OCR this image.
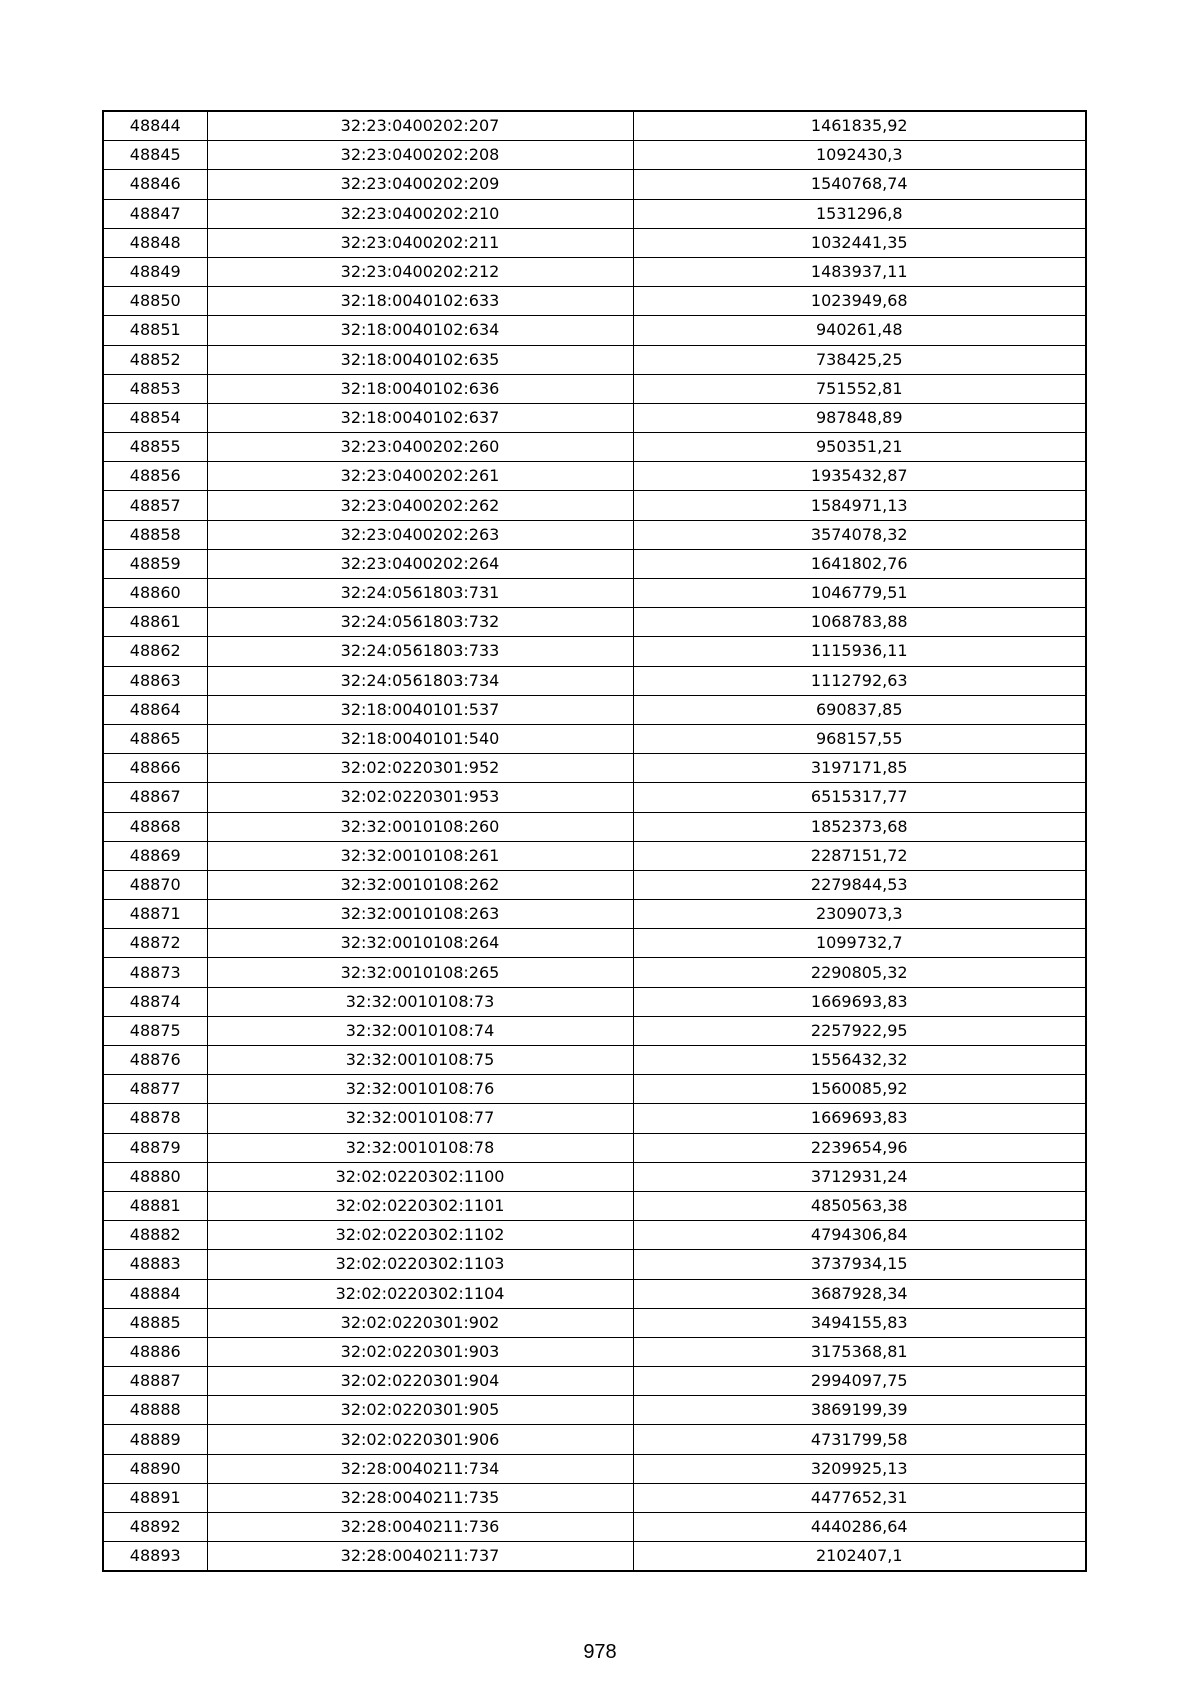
48844	32:23:0400202:207	1461835,92
48845	32:23:0400202:208	1092430,3
48846	32:23:0400202:209	1540768,74
48847	32:23:0400202:210	1531296,8
48848	32:23:0400202:211	1032441,35
48849	32:23:0400202:212	1483937,11
48850	32:18:0040102:633	1023949,68
48851	32:18:0040102:634	940261,48
48852	32:18:0040102:635	738425,25
48853	32:18:0040102:636	751552,81
48854	32:18:0040102:637	987848,89
48855	32:23:0400202:260	950351,21
48856	32:23:0400202:261	1935432,87
48857	32:23:0400202:262	1584971,13
48858	32:23:0400202:263	3574078,32
48859	32:23:0400202:264	1641802,76
48860	32:24:0561803:731	1046779,51
48861	32:24:0561803:732	1068783,88
48862	32:24:0561803:733	1115936,11
48863	32:24:0561803:734	1112792,63
48864	32:18:0040101:537	690837,85
48865	32:18:0040101:540	968157,55
48866	32:02:0220301:952	3197171,85
48867	32:02:0220301:953	6515317,77
48868	32:32:0010108:260	1852373,68
48869	32:32:0010108:261	2287151,72
48870	32:32:0010108:262	2279844,53
48871	32:32:0010108:263	2309073,3
48872	32:32:0010108:264	1099732,7
48873	32:32:0010108:265	2290805,32
48874	32:32:0010108:73	1669693,83
48875	32:32:0010108:74	2257922,95
48876	32:32:0010108:75	1556432,32
48877	32:32:0010108:76	1560085,92
48878	32:32:0010108:77	1669693,83
48879	32:32:0010108:78	2239654,96
48880	32:02:0220302:1100	3712931,24
48881	32:02:0220302:1101	4850563,38
48882	32:02:0220302:1102	4794306,84
48883	32:02:0220302:1103	3737934,15
48884	32:02:0220302:1104	3687928,34
48885	32:02:0220301:902	3494155,83
48886	32:02:0220301:903	3175368,81
48887	32:02:0220301:904	2994097,75
48888	32:02:0220301:905	3869199,39
48889	32:02:0220301:906	4731799,58
48890	32:28:0040211:734	3209925,13
48891	32:28:0040211:735	4477652,31
48892	32:28:0040211:736	4440286,64
48893	32:28:0040211:737	2102407,1
978
